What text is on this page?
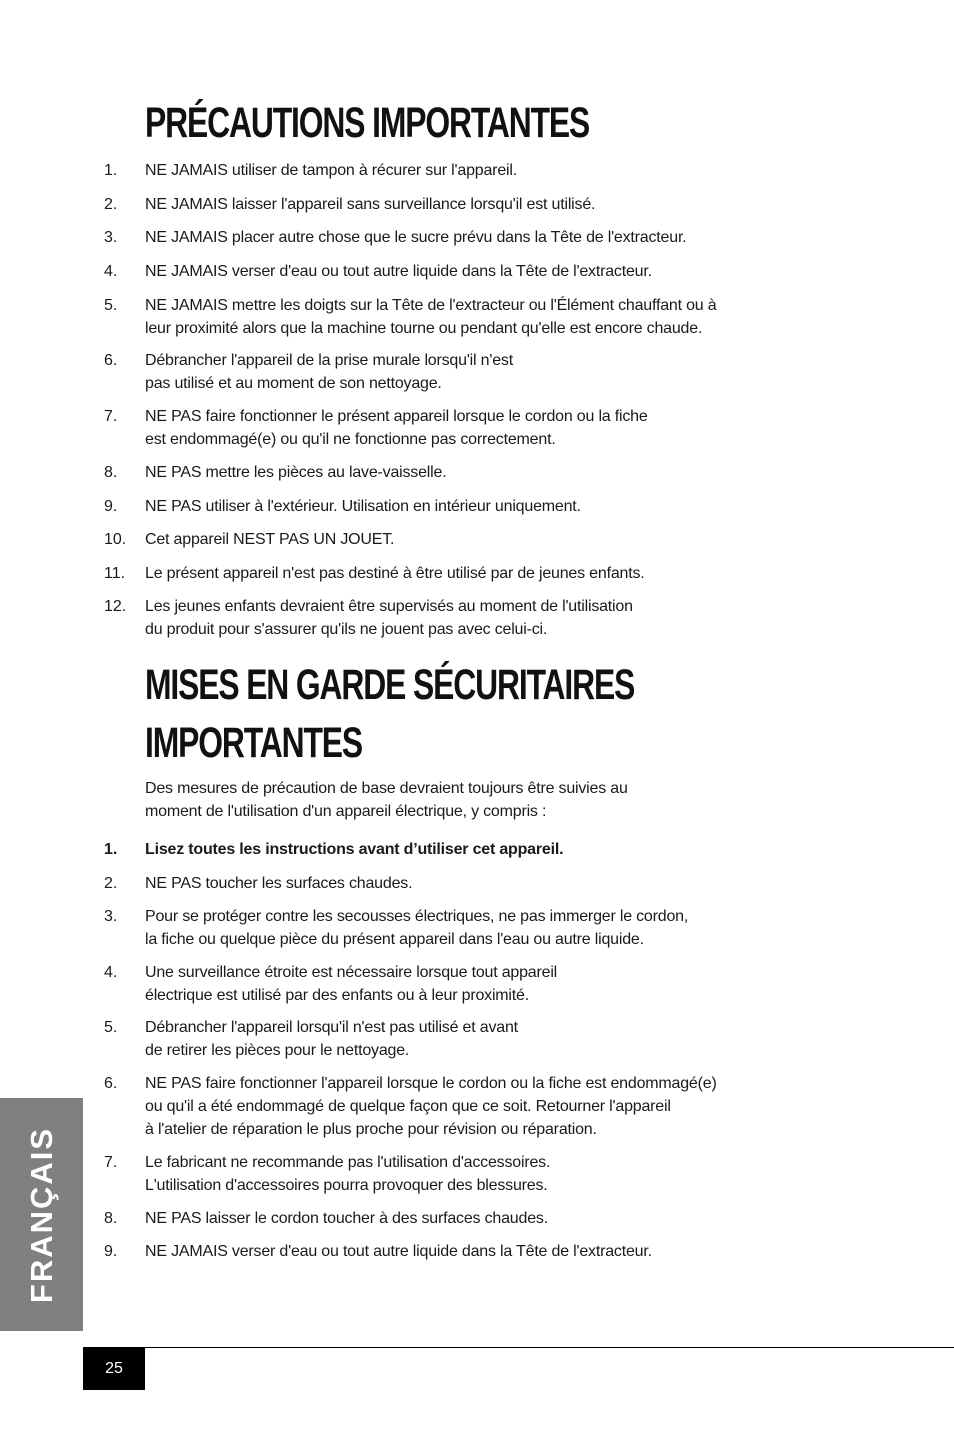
PRÉCAUTIONS IMPORTANTES
1. NE JAMAIS utiliser de tampon à récurer sur l'appareil.
2. NE JAMAIS laisser l'appareil sans surveillance lorsqu'il est utilisé.
3. NE JAMAIS placer autre chose que le sucre prévu dans la Tête de l'extracteur.
4. NE JAMAIS verser d'eau ou tout autre liquide dans la Tête de l'extracteur.
5. NE JAMAIS mettre les doigts sur la Tête de l'extracteur ou l'Élément chauffant ou à
leur proximité alors que la machine tourne ou pendant qu'elle est encore chaude.
6. Débrancher l'appareil de la prise murale lorsqu'il n'est
pas utilisé et au moment de son nettoyage.
7. NE PAS faire fonctionner le présent appareil lorsque le cordon ou la fiche
est endommagé(e) ou qu'il ne fonctionne pas correctement.
8. NE PAS mettre les pièces au lave-vaisselle.
9. NE PAS utiliser à l'extérieur. Utilisation en intérieur uniquement.
10. Cet appareil NEST PAS UN JOUET.
11. Le présent appareil n'est pas destiné à être utilisé par de jeunes enfants.
12. Les jeunes enfants devraient être supervisés au moment de l'utilisation
du produit pour s'assurer qu'ils ne jouent pas avec celui-ci.
MISES EN GARDE SÉCURITAIRES
IMPORTANTES

Des mesures de précaution de base devraient toujours être suivies au
moment de l'utilisation d'un appareil électrique, y compris :

1. Lisez toutes les instructions avant d’utiliser cet appareil.
2. NE PAS toucher les surfaces chaudes.
3. Pour se protéger contre les secousses électriques, ne pas immerger le cordon,
la fiche ou quelque pièce du présent appareil dans l'eau ou autre liquide.
4. Une surveillance étroite est nécessaire lorsque tout appareil
électrique est utilisé par des enfants ou à leur proximité.
5. Débrancher l'appareil lorsqu'il n'est pas utilisé et avant
de retirer les pièces pour le nettoyage.
6. NE PAS faire fonctionner l'appareil lorsque le cordon ou la fiche est endommagé(e)
ou qu'il a été endommagé de quelque façon que ce soit. Retourner l'appareil
à l'atelier de réparation le plus proche pour révision ou réparation.
7. Le fabricant ne recommande pas l'utilisation d'accessoires.
L'utilisation d'accessoires pourra provoquer des blessures.
8. NE PAS laisser le cordon toucher à des surfaces chaudes.
9. NE JAMAIS verser d'eau ou tout autre liquide dans la Tête de l'extracteur.
FRANÇAIS
25
